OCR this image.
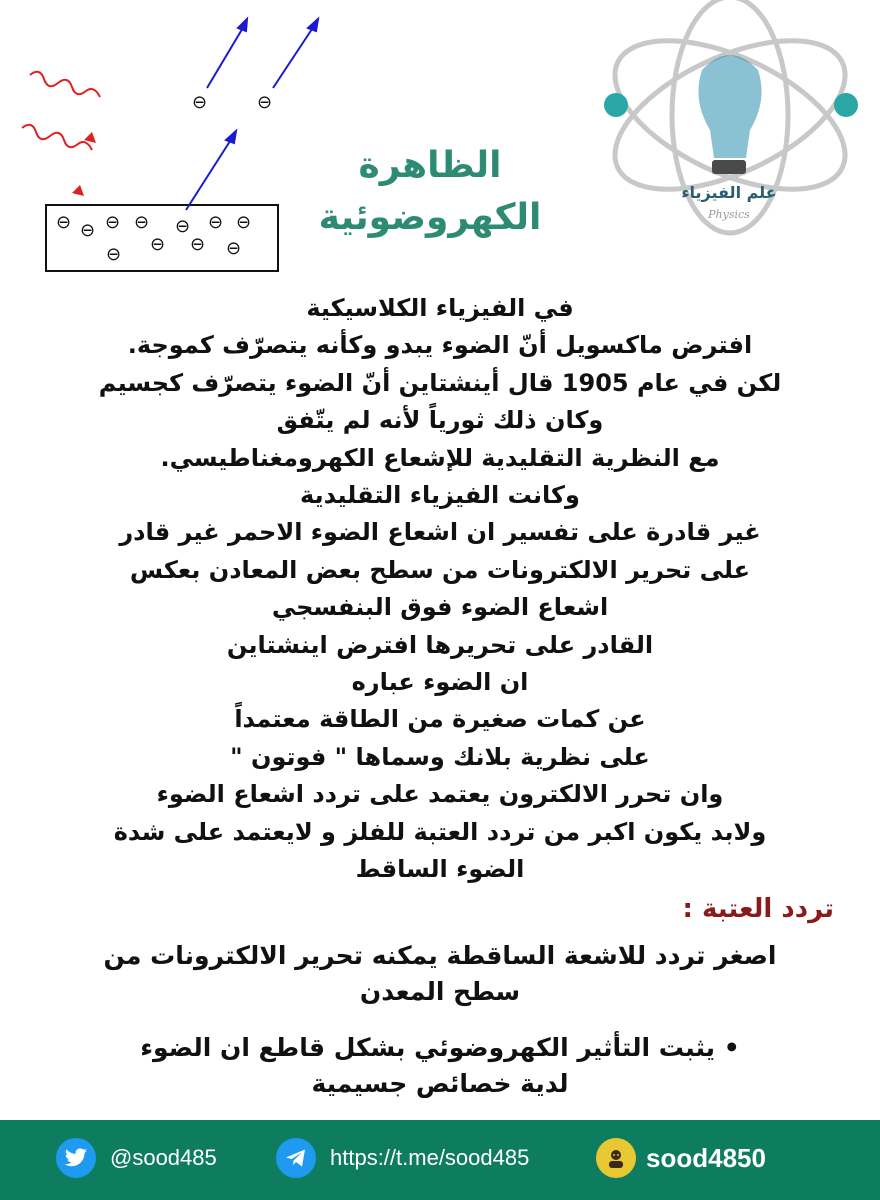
⊖ ⊖ ⊖ ⊖ ⊖ ⊖ ⊖
⊖ ⊖ ⊖ ⊖
⊖	⊖
علم الفيزياء
Physics
الظاهرة
الكهروضوئية
في الفيزياء الكلاسيكية
افترض ماكسويل أنّ الضوء يبدو وكأنه يتصرّف كموجة.
لكن في عام 1905 قال أينشتاين أنّ الضوء يتصرّف كجسيم
وكان ذلك ثورياً لأنه لم يتّفق
مع النظرية التقليدية للإشعاع الكهرومغناطيسي.
وكانت الفيزياء التقليدية
غير قادرة على تفسير ان اشعاع الضوء الاحمر غير قادر
على تحرير الالكترونات من سطح بعض المعادن بعكس
اشعاع الضوء فوق البنفسجي
القادر على تحريرها افترض اينشتاين
ان الضوء عباره
عن كمات صغيرة من الطاقة معتمداً
على نظرية بلانك وسماها " فوتون "
وان تحرر الالكترون يعتمد على تردد اشعاع الضوء
ولابد يكون اكبر من تردد العتبة للفلز و لايعتمد على شدة
الضوء الساقط
تردد العتبة :
اصغر تردد للاشعة الساقطة يمكنه تحرير الالكترونات من
سطح المعدن
• يثبت التأثير الكهروضوئي بشكل قاطع ان الضوء
لدية خصائص جسيمية
@sood485	https://t.me/sood485	sood4850
